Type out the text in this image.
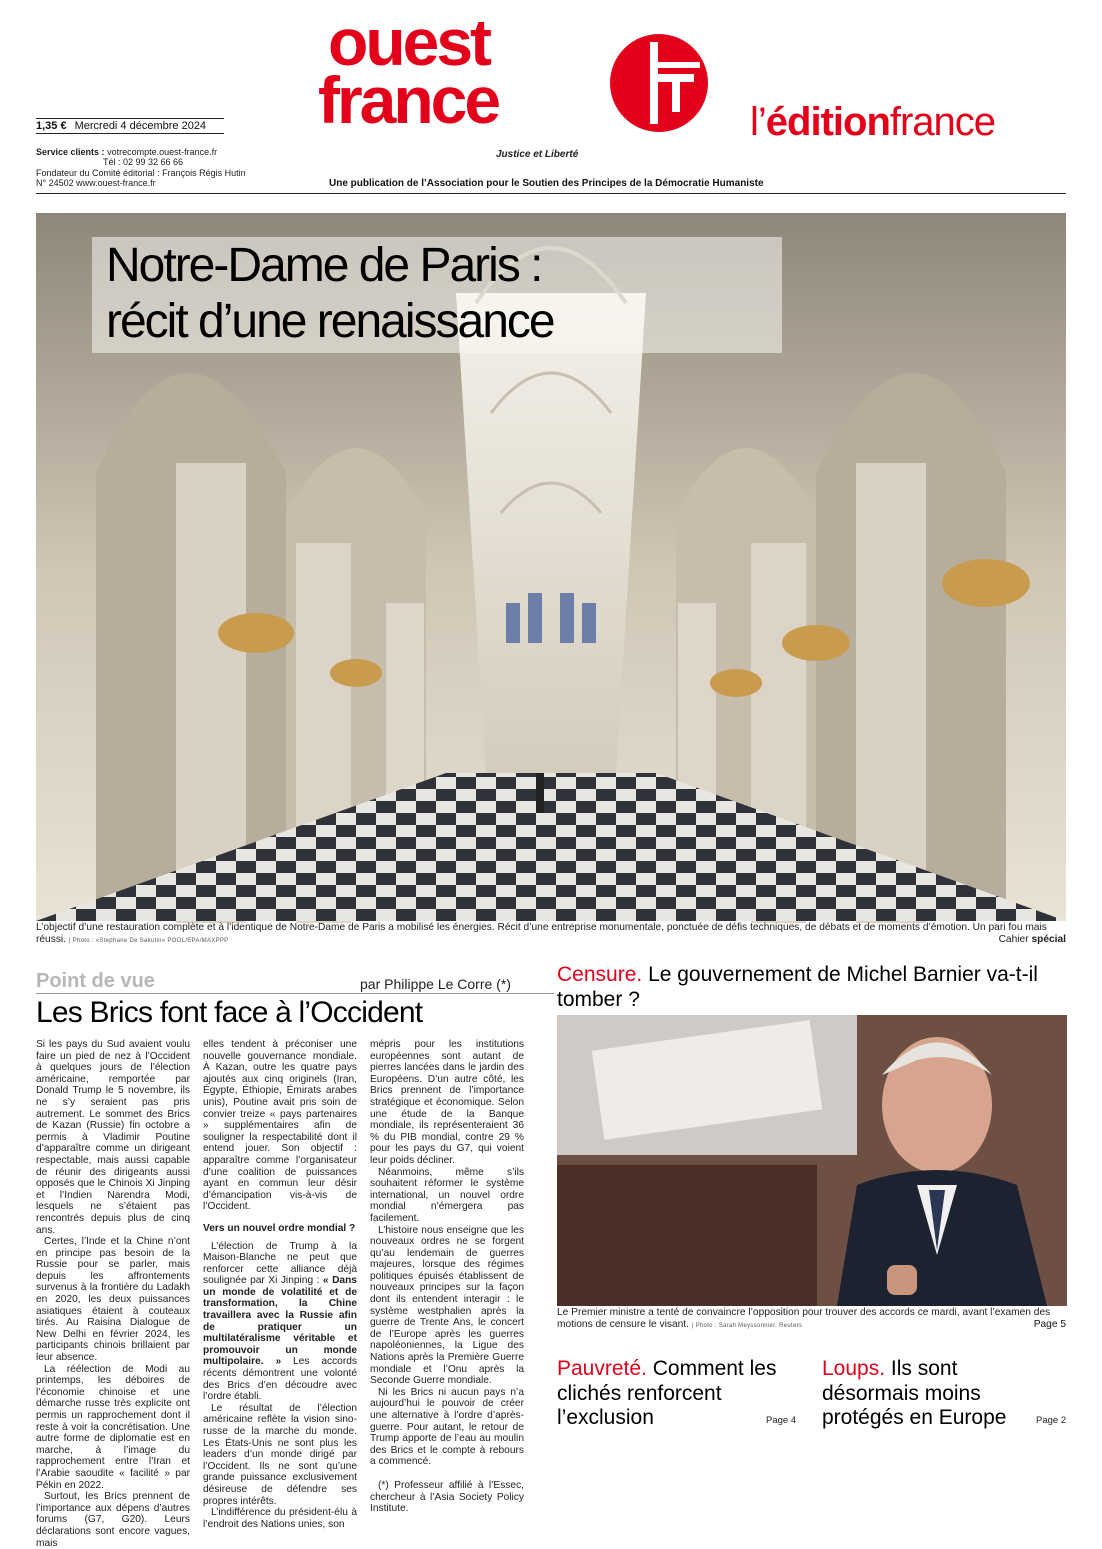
ouest
france
Justice et Liberté
l’éditionfrance
1,35 € Mercredi 4 décembre 2024
Service clients : votrecompte.ouest-france.fr
Tél : 02 99 32 66 66
Fondateur du Comité éditorial : François Régis Hutin
N° 24502 www.ouest-france.fr	Une publication de l’Association pour le Soutien des Principes de la Démocratie Humaniste
Notre-Dame de Paris :
récit d’une renaissance
L’objectif d’une restauration complète et à l’identique de Notre-Dame de Paris a mobilisé les énergies. Récit d’une entreprise monumentale, ponctuée de défis techniques, de débats et de moments d’émotion. Un pari fou mais réussi. | Photo : «Stephane De Sakutin» POOL/EPA/MAXPPP	Cahier spécial
Point de vue	par Philippe Le Corre (*)
Les Brics font face à l’Occident

Si les pays du Sud avaient voulu faire un pied de nez à l’Occident à quelques jours de l’élection américaine, remportée par Donald Trump le 5 novembre, ils ne s’y seraient pas pris autrement. Le sommet des Brics de Kazan (Russie) fin octobre a permis à Vladimir Poutine d’apparaître comme un dirigeant respectable, mais aussi capable de réunir des dirigeants aussi opposés que le Chinois Xi Jinping et l’Indien Narendra Modi, lesquels ne s’étaient pas rencontrés depuis plus de cinq ans.

Certes, l’Inde et la Chine n’ont en principe pas besoin de la Russie pour se parler, mais depuis les affrontements survenus à la frontière du Ladakh en 2020, les deux puissances asiatiques étaient à couteaux tirés. Au Raisina Dialogue de New Delhi en février 2024, les participants chinois brillaient par leur absence.

La réélection de Modi au printemps, les déboires de l’économie chinoise et une démarche russe très explicite ont permis un rapprochement dont il reste à voir la concrétisation. Une autre forme de diplomatie est en marche, à l’image du rapprochement entre l’Iran et l’Arabie saoudite « facilité » par Pékin en 2022.

Surtout, les Brics prennent de l’importance aux dépens d’autres forums (G7, G20). Leurs déclarations sont encore vagues, mais

elles tendent à préconiser une nouvelle gouvernance mondiale. À Kazan, outre les quatre pays ajoutés aux cinq originels (Iran, Égypte, Éthiopie, Émirats arabes unis), Poutine avait pris soin de convier treize « pays partenaires » supplémentaires afin de souligner la respectabilité dont il entend jouer. Son objectif : apparaître comme l’organisateur d’une coalition de puissances ayant en commun leur désir d’émancipation vis-à-vis de l’Occident.

Vers un nouvel ordre mondial ?

L’élection de Trump à la Maison-Blanche ne peut que renforcer cette alliance déjà soulignée par Xi Jinping : « Dans un monde de volatilité et de transformation, la Chine travaillera avec la Russie afin de pratiquer un multilatéralisme véritable et promouvoir un monde multipolaire. » Les accords récents démontrent une volonté des Brics d’en découdre avec l’ordre établi.

Le résultat de l’élection américaine reflète la vision sino-russe de la marche du monde. Les États-Unis ne sont plus les leaders d’un monde dirigé par l’Occident. Ils ne sont qu’une grande puissance exclusivement désireuse de défendre ses propres intérêts.

L’indifférence du président-élu à l’endroit des Nations unies, son

mépris pour les institutions européennes sont autant de pierres lancées dans le jardin des Européens. D’un autre côté, les Brics prennent de l’importance stratégique et économique. Selon une étude de la Banque mondiale, ils représenteraient 36 % du PIB mondial, contre 29 % pour les pays du G7, qui voient leur poids décliner.

Néanmoins, même s’ils souhaitent réformer le système international, un nouvel ordre mondial n’émergera pas facilement.

L’histoire nous enseigne que les nouveaux ordres ne se forgent qu’au lendemain de guerres majeures, lorsque des régimes politiques épuisés établissent de nouveaux principes sur la façon dont ils entendent interagir : le système westphalien après la guerre de Trente Ans, le concert de l’Europe après les guerres napoléoniennes, la Ligue des Nations après la Première Guerre mondiale et l’Onu après la Seconde Guerre mondiale.

Ni les Brics ni aucun pays n’a aujourd’hui le pouvoir de créer une alternative à l’ordre d’après-guerre. Pour autant, le retour de Trump apporte de l’eau au moulin des Brics et le compte à rebours a commencé.

(*) Professeur affilié à l’Essec, chercheur à l’Asia Society Policy Institute.

Censure. Le gouvernement de Michel Barnier va-t-il tomber ?
Le Premier ministre a tenté de convaincre l’opposition pour trouver des accords ce mardi, avant l’examen des motions de censure le visant. | Photo : Sarah Meyssonnier. Reuters	Page 5
Pauvreté. Comment les clichés renforcent l’exclusion	Page 4
Loups. Ils sont désormais moins protégés en Europe	Page 2
